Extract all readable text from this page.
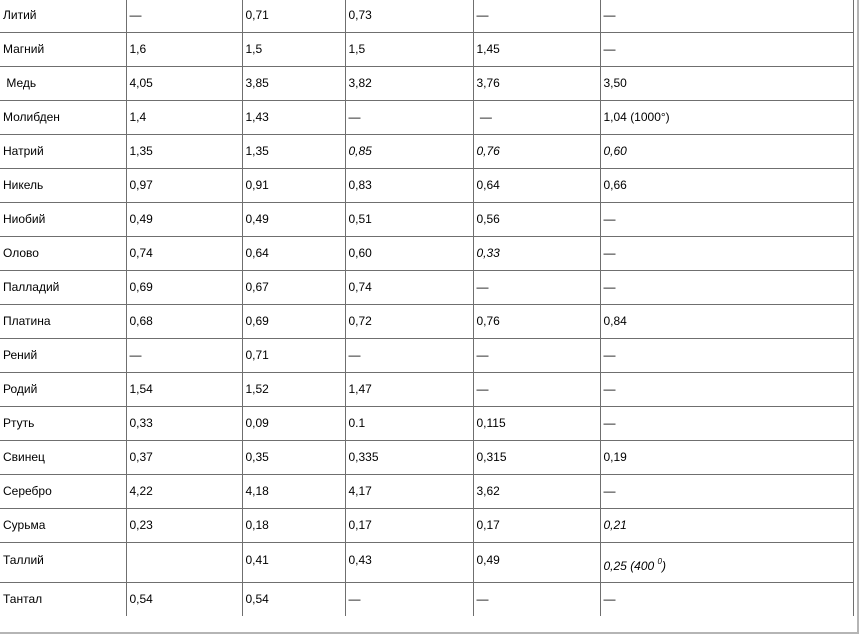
Литий	—	0,71	0,73	—	—
Магний	1,6	1,5	1,5	1,45	—
Медь	4,05	3,85	3,82	3,76	3,50
Молибден	1,4	1,43	—	—	1,04 (1000°)
Натрий	1,35	1,35	0,85	0,76	0,60
Никель	0,97	0,91	0,83	0,64	0,66
Ниобий	0,49	0,49	0,51	0,56	—
Олово	0,74	0,64	0,60	0,33	—
Палладий	0,69	0,67	0,74	—	—
Платина	0,68	0,69	0,72	0,76	0,84
Рений	—	0,71	—	—	—
Родий	1,54	1,52	1,47	—	—
Ртуть	0,33	0,09	0.1	0,115	—
Свинец	0,37	0,35	0,335	0,315	0,19
Серебро	4,22	4,18	4,17	3,62	—
Сурьма	0,23	0,18	0,17	0,17	0,21
Таллий		0,41	0,43	0,49	0,25 (400 $^0$)
Тантал	0,54	0,54	—	—	—
